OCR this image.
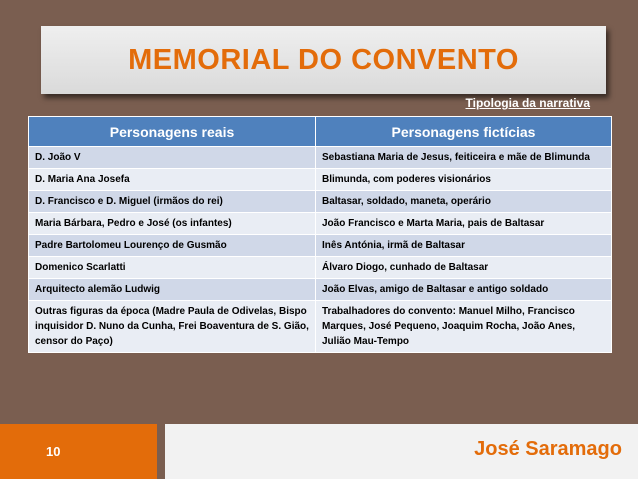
MEMORIAL DO CONVENTO
Tipologia da narrativa
Personagens reais	Personagens fictícias
D. João V	Sebastiana Maria de Jesus, feiticeira e mãe de Blimunda
D. Maria Ana Josefa	Blimunda, com poderes visionários
D. Francisco e D. Miguel (irmãos do rei)	Baltasar, soldado, maneta, operário
Maria Bárbara, Pedro e José (os infantes)	João Francisco e Marta Maria, pais de Baltasar
Padre Bartolomeu Lourenço de Gusmão	Inês Antónia, irmã de Baltasar
Domenico Scarlatti	Álvaro Diogo, cunhado de Baltasar
Arquitecto alemão Ludwig	João Elvas, amigo de Baltasar e antigo soldado
Outras figuras da época (Madre Paula de Odivelas, Bispo inquisidor D. Nuno da Cunha, Frei Boaventura de S. Gião, censor do Paço)	Trabalhadores do convento: Manuel Milho, Francisco Marques, José Pequeno, Joaquim Rocha, João Anes, Julião Mau-Tempo
10	José Saramago
